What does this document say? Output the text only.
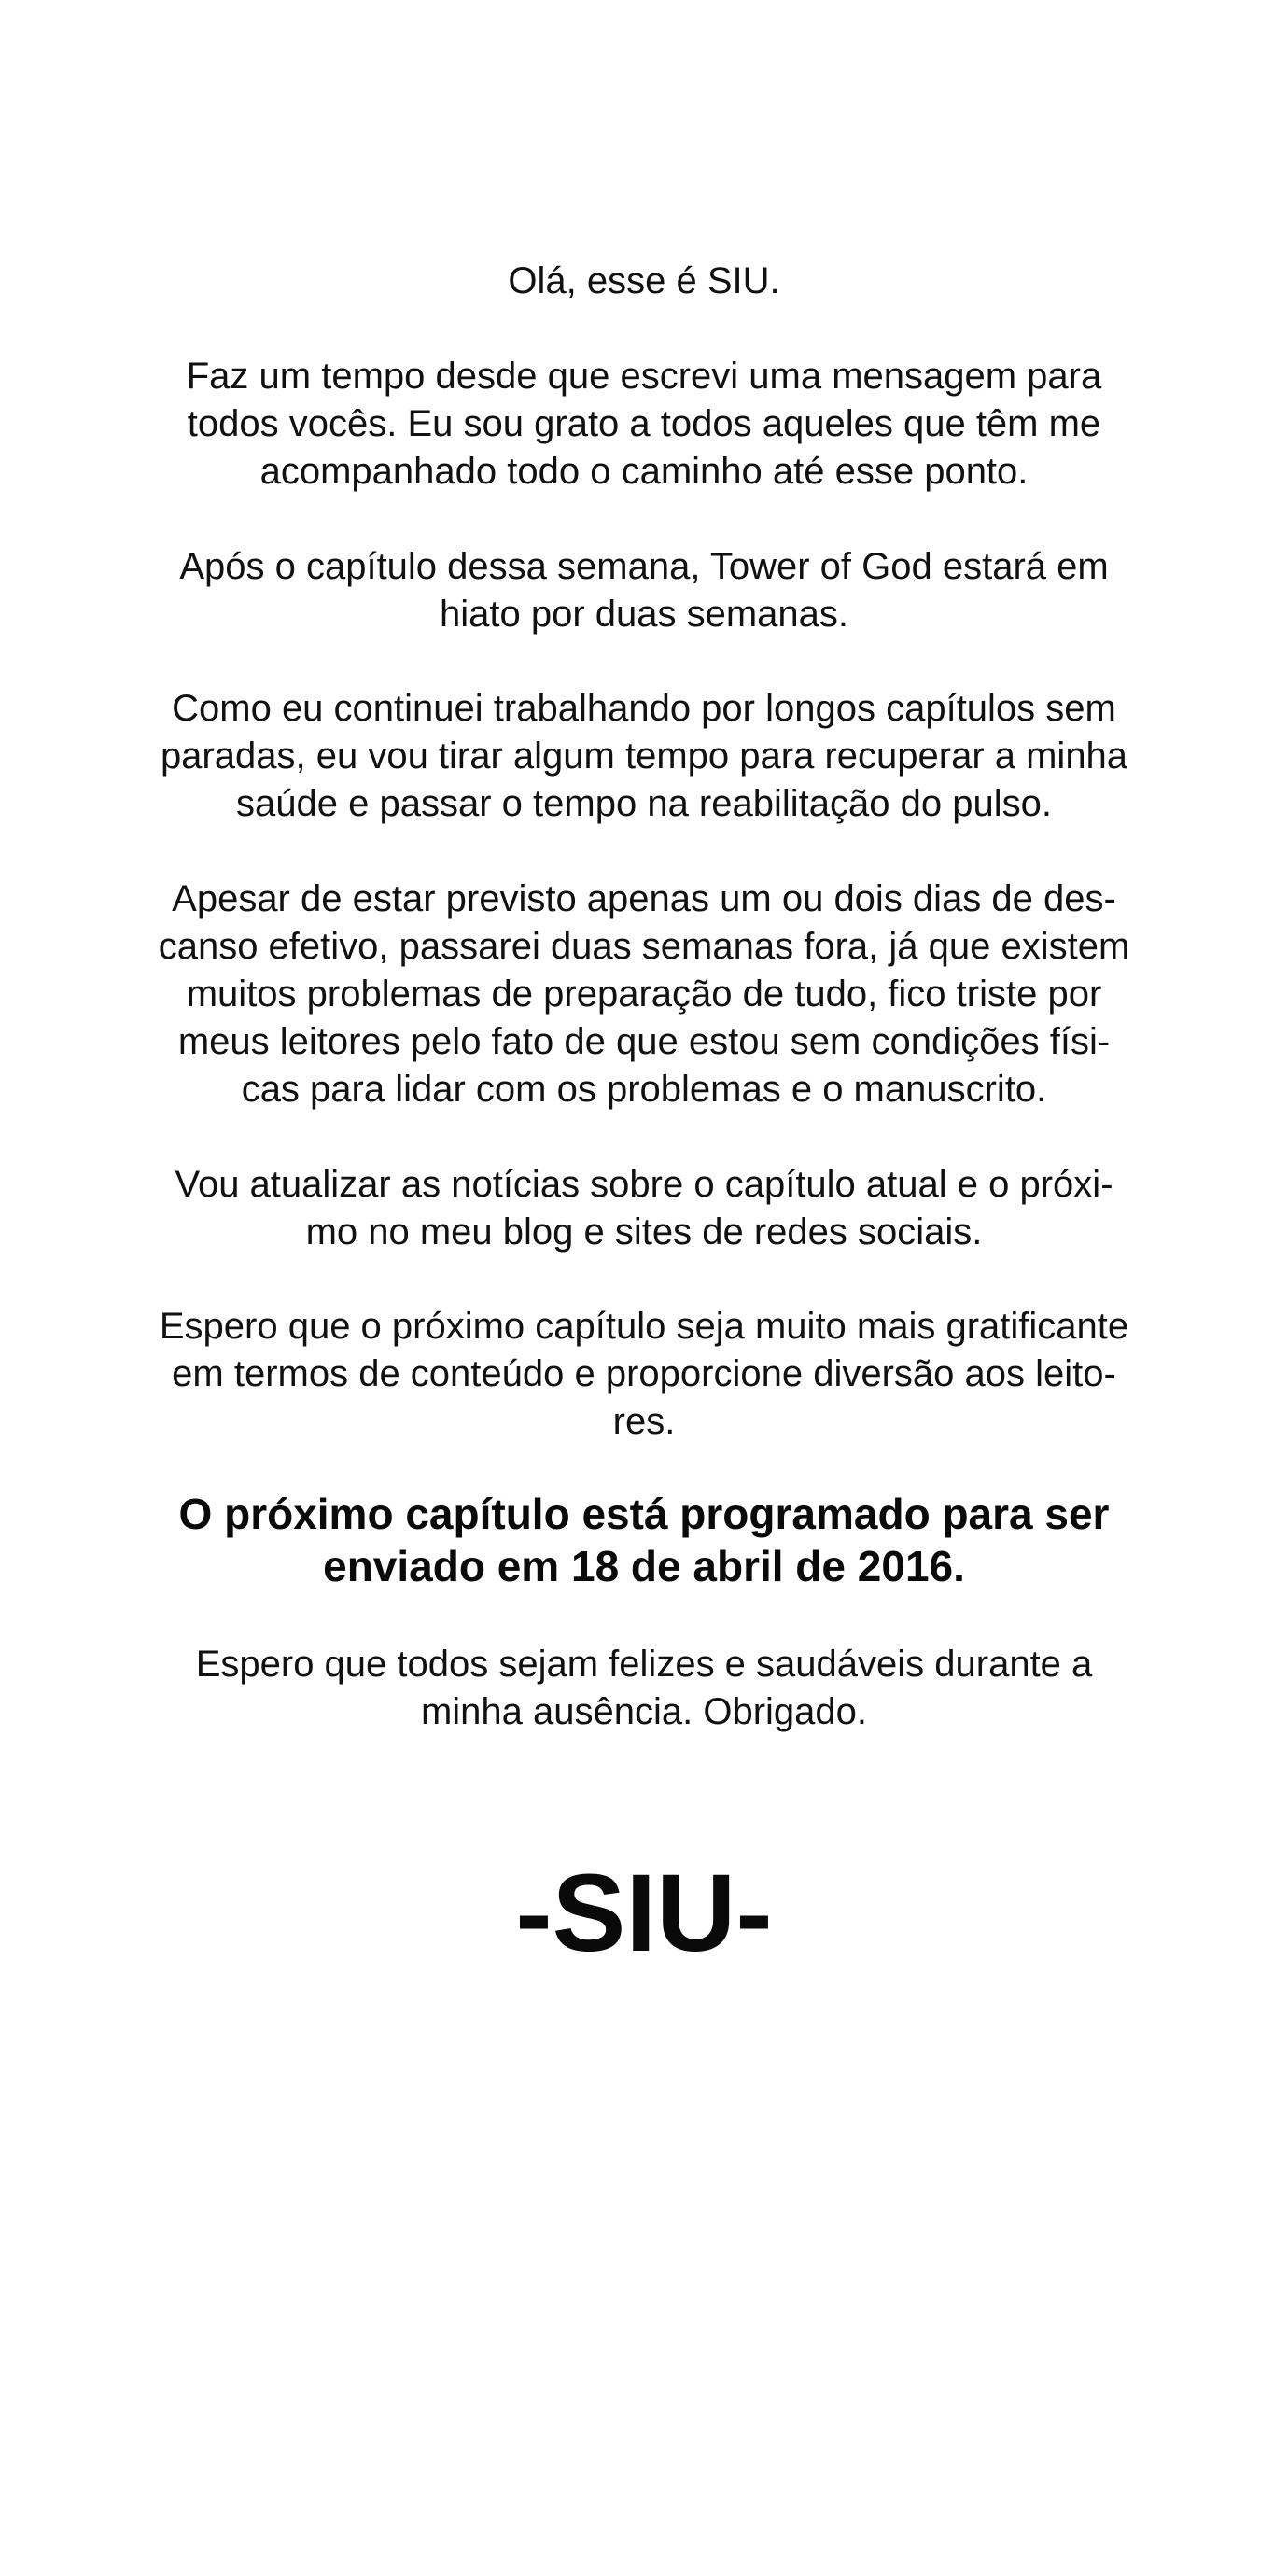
Olá, esse é SIU.

Faz um tempo desde que escrevi uma mensagem para
todos vocês. Eu sou grato a todos aqueles que têm me
acompanhado todo o caminho até esse ponto.

Após o capítulo dessa semana, Tower of God estará em
hiato por duas semanas.

Como eu continuei trabalhando por longos capítulos sem
paradas, eu vou tirar algum tempo para recuperar a minha
saúde e passar o tempo na reabilitação do pulso.

Apesar de estar previsto apenas um ou dois dias de des-
canso efetivo, passarei duas semanas fora, já que existem
muitos problemas de preparação de tudo, fico triste por
meus leitores pelo fato de que estou sem condições físi-
cas para lidar com os problemas e o manuscrito.

Vou atualizar as notícias sobre o capítulo atual e o próxi-
mo no meu blog e sites de redes sociais.

Espero que o próximo capítulo seja muito mais gratificante
em termos de conteúdo e proporcione diversão aos leito-
res.

O próximo capítulo está programado para ser
enviado em 18 de abril de 2016.

Espero que todos sejam felizes e saudáveis durante a
minha ausência. Obrigado.

-SIU-
